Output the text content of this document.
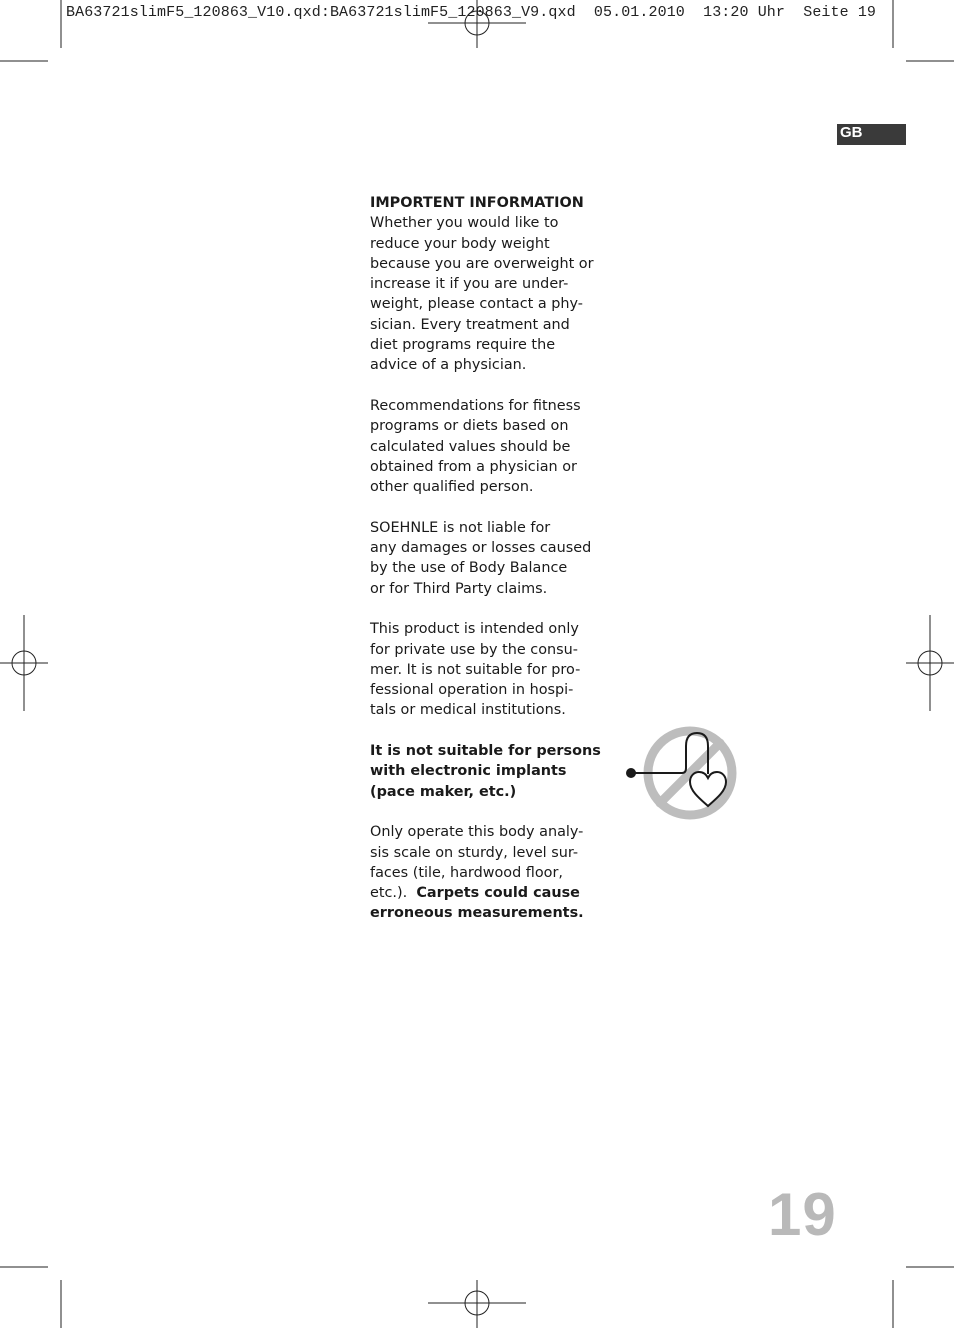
BA63721slimF5_120863_V10.qxd:BA63721slimF5_120863_V9.qxd  05.01.2010  13:20 Uhr  Seite 19
GB

IMPORTENT INFORMATION
Whether you would like to
reduce your body weight
because you are overweight or
increase it if you are under-
weight, please contact a phy-
sician. Every treatment and
diet programs require the
advice of a physician.

Recommendations for fitness
programs or diets based on
calculated values should be
obtained from a physician or
other qualified person.

SOEHNLE is not liable for
any damages or losses caused
by the use of Body Balance
or for Third Party claims.

This product is intended only
for private use by the consu-
mer. It is not suitable for pro-
fessional operation in hospi-
tals or medical institutions.

It is not suitable for persons
with electronic implants
(pace maker, etc.)

Only operate this body analy-
sis scale on sturdy, level sur-
faces (tile, hardwood floor,
etc.). Carpets could cause
erroneous measurements.

19
